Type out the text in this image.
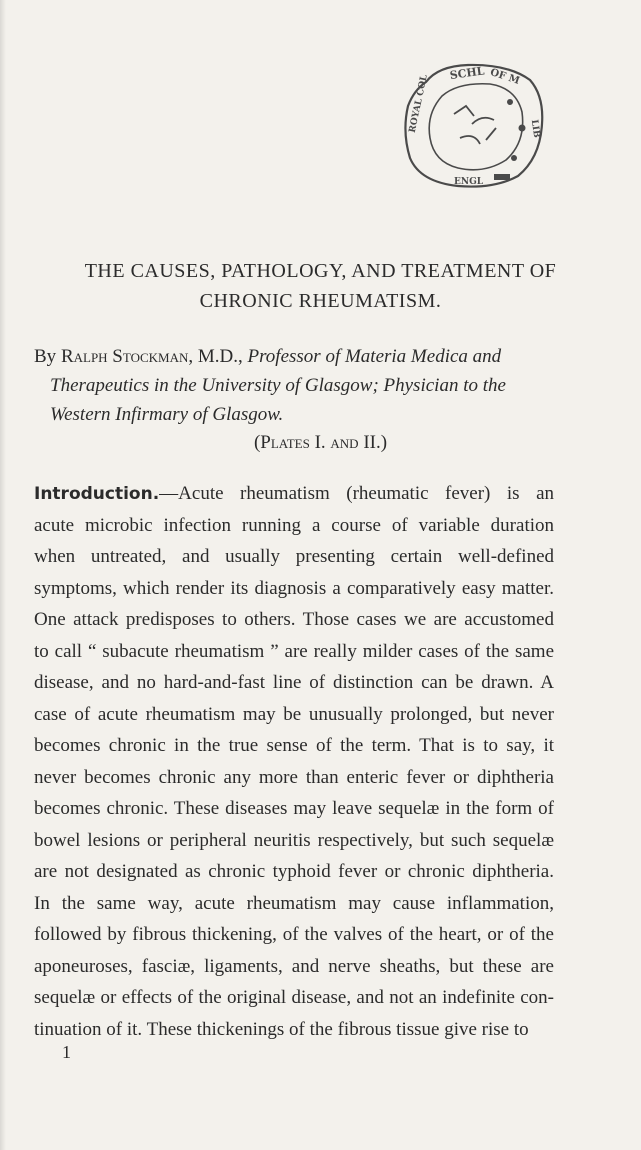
SCHL OF M
ROYAL COL
ENGL
LIB
THE CAUSES, PATHOLOGY, AND TREATMENT OF
CHRONIC RHEUMATISM.
By Ralph Stockman, M.D., Professor of Materia Medica and
Therapeutics in the University of Glasgow; Physician to the
Western Infirmary of Glasgow.
(Plates I. and II.)
Introduction.—Acute rheumatism (rheumatic fever) is an
acute microbic infection running a course of variable duration
when untreated, and usually presenting certain well-defined
symptoms, which render its diagnosis a comparatively easy matter.
One attack predisposes to others. Those cases we are accustomed
to call “ subacute rheumatism ” are really milder cases of the same
disease, and no hard-and-fast line of distinction can be drawn. A
case of acute rheumatism may be unusually prolonged, but never
becomes chronic in the true sense of the term. That is to say, it
never becomes chronic any more than enteric fever or diphtheria
becomes chronic. These diseases may leave sequelæ in the form of
bowel lesions or peripheral neuritis respectively, but such sequelæ
are not designated as chronic typhoid fever or chronic diphtheria.
In the same way, acute rheumatism may cause inflammation,
followed by fibrous thickening, of the valves of the heart, or of the
aponeuroses, fasciæ, ligaments, and nerve sheaths, but these are
sequelæ or effects of the original disease, and not an indefinite con-
tinuation of it. These thickenings of the fibrous tissue give rise to
1
